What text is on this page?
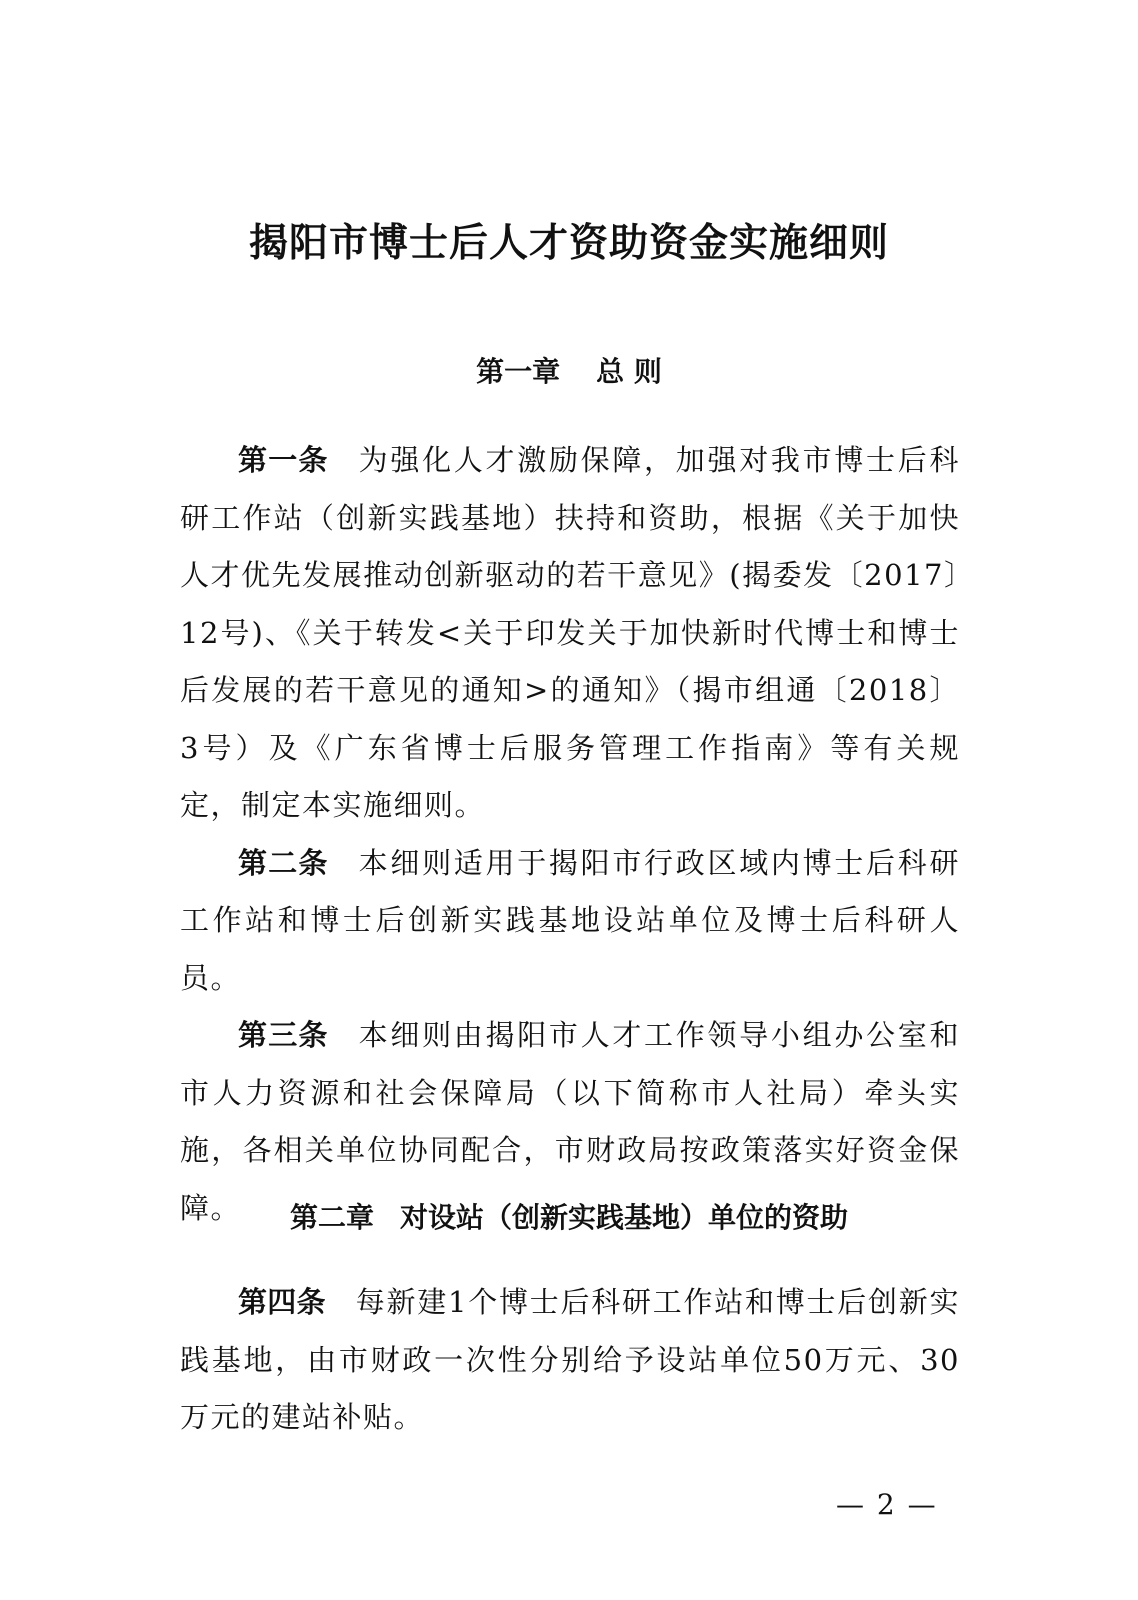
揭阳市博士后人才资助资金实施细则
第一章 总 则

第一条 为强化人才激励保障，加强对我市博士后科研工作站（创新实践基地）扶持和资助，根据《关于加快人才优先发展推动创新驱动的若干意见》(揭委发〔2017〕12号)、《关于转发<关于印发关于加快新时代博士和博士后发展的若干意见的通知>的通知》（揭市组通〔2018〕3号）及《广东省博士后服务管理工作指南》等有关规定，制定本实施细则。

第二条 本细则适用于揭阳市行政区域内博士后科研工作站和博士后创新实践基地设站单位及博士后科研人员。

第三条 本细则由揭阳市人才工作领导小组办公室和市人力资源和社会保障局（以下简称市人社局）牵头实施，各相关单位协同配合，市财政局按政策落实好资金保障。	第二章 对设站（创新实践基地）单位的资助

第四条 每新建1个博士后科研工作站和博士后创新实践基地，由市财政一次性分别给予设站单位50万元、30万元的建站补贴。

— 2 —
